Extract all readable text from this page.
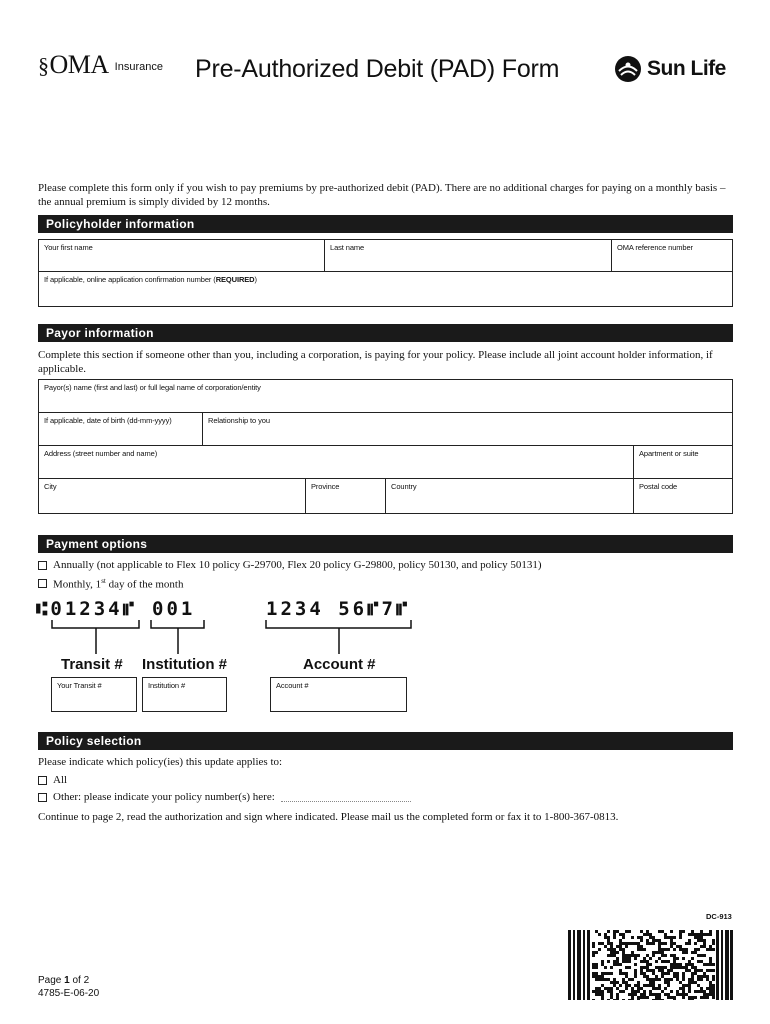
§OMA Insurance	Pre-Authorized Debit (PAD) Form	Sun Life
Please complete this form only if you wish to pay premiums by pre-authorized debit (PAD). There are no additional charges for paying on a monthly basis – the annual premium is simply divided by 12 months.
Policyholder information
Your first name	Last name	OMA reference number
If applicable, online application confirmation number (REQUIRED)
Payor information
Complete this section if someone other than you, including a corporation, is paying for your policy. Please include all joint account holder information, if applicable.
Payor(s) name (first and last) or full legal name of corporation/entity
If applicable, date of birth (dd-mm-yyyy)	Relationship to you
Address (street number and name)	Apartment or suite
City	Province	Country	Postal code
Payment options
Annually (not applicable to Flex 10 policy G-29700, Flex 20 policy G-29800, policy 50130, and policy 50131)
Monthly, 1st day of the month
⑆01234⑈ 001	1234 56⑈7⑈
Transit # Institution #	Account #
Your Transit #	Institution #	Account #
Policy selection
Please indicate which policy(ies) this update applies to:
All
Other: please indicate your policy number(s) here:
Continue to page 2, read the authorization and sign where indicated. Please mail us the completed form or fax it to 1-800-367-0813.
DC-913
Page 1 of 2
4785-E-06-20
